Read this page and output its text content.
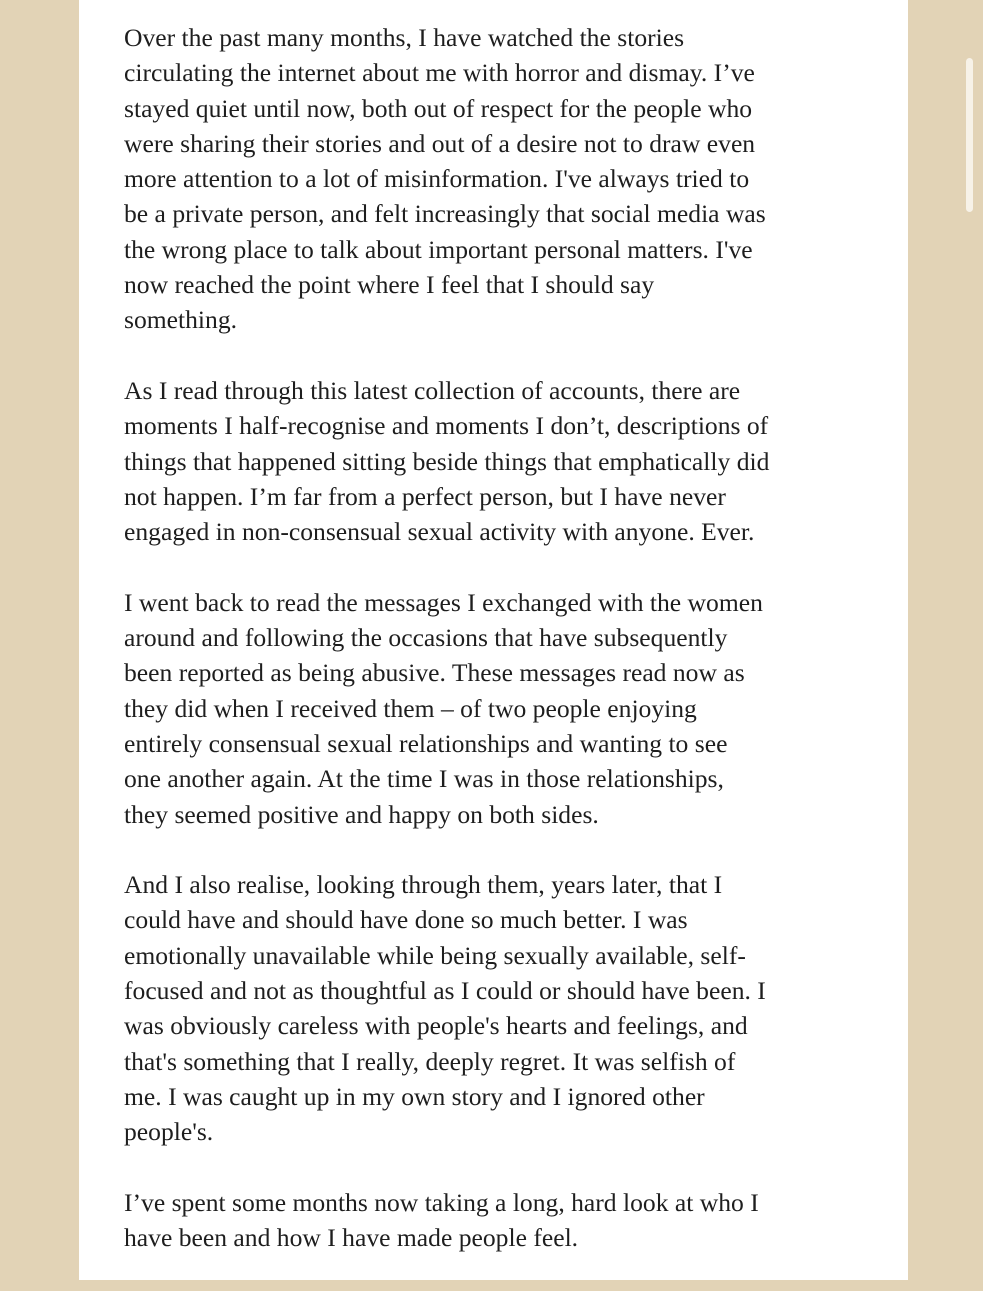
Over the past many months, I have watched the stories
circulating the internet about me with horror and dismay. I’ve
stayed quiet until now, both out of respect for the people who
were sharing their stories and out of a desire not to draw even
more attention to a lot of misinformation. I've always tried to
be a private person, and felt increasingly that social media was
the wrong place to talk about important personal matters. I've
now reached the point where I feel that I should say
something.

As I read through this latest collection of accounts, there are
moments I half-recognise and moments I don’t, descriptions of
things that happened sitting beside things that emphatically did
not happen. I’m far from a perfect person, but I have never
engaged in non-consensual sexual activity with anyone. Ever.

I went back to read the messages I exchanged with the women
around and following the occasions that have subsequently
been reported as being abusive. These messages read now as
they did when I received them – of two people enjoying
entirely consensual sexual relationships and wanting to see
one another again. At the time I was in those relationships,
they seemed positive and happy on both sides.

And I also realise, looking through them, years later, that I
could have and should have done so much better. I was
emotionally unavailable while being sexually available, self-
focused and not as thoughtful as I could or should have been. I
was obviously careless with people's hearts and feelings, and
that's something that I really, deeply regret. It was selfish of
me. I was caught up in my own story and I ignored other
people's.

I’ve spent some months now taking a long, hard look at who I
have been and how I have made people feel.
